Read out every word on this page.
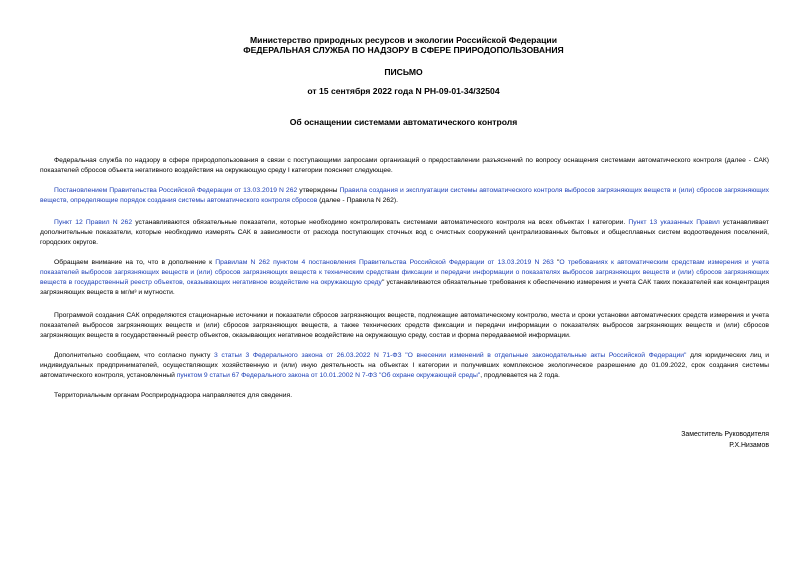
Министерство природных ресурсов и экологии Российской Федерации
ФЕДЕРАЛЬНАЯ СЛУЖБА ПО НАДЗОРУ В СФЕРЕ ПРИРОДОПОЛЬЗОВАНИЯ
ПИСЬМО
от 15 сентября 2022 года N РН-09-01-34/32504
Об оснащении системами автоматического контроля

Федеральная служба по надзору в сфере природопользования в связи с поступающими запросами организаций о предоставлении разъяснений по вопросу оснащения системами автоматического контроля (далее - САК) показателей сбросов объекта негативного воздействия на окружающую среду I категории поясняет следующее.

Постановлением Правительства Российской Федерации от 13.03.2019 N 262 утверждены Правила создания и эксплуатации системы автоматического контроля выбросов загрязняющих веществ и (или) сбросов загрязняющих веществ, определяющие порядок создания системы автоматического контроля сбросов (далее - Правила N 262).

Пункт 12 Правил N 262 устанавливаются обязательные показатели, которые необходимо контролировать системами автоматического контроля на всех объектах I категории. Пункт 13 указанных Правил устанавливает дополнительные показатели, которые необходимо измерять САК в зависимости от расхода поступающих сточных вод с очистных сооружений централизованных бытовых и общесплавных систем водоотведения поселений, городских округов.

Обращаем внимание на то, что в дополнение к Правилам N 262 пунктом 4 постановления Правительства Российской Федерации от 13.03.2019 N 263 "О требованиях к автоматическим средствам измерения и учета показателей выбросов загрязняющих веществ и (или) сбросов загрязняющих веществ к техническим средствам фиксации и передачи информации о показателях выбросов загрязняющих веществ и (или) сбросов загрязняющих веществ в государственный реестр объектов, оказывающих негативное воздействие на окружающую среду" устанавливаются обязательные требования к обеспечению измерения и учета САК таких показателей как концентрация загрязняющих веществ в мг/м³ и мутности.

Программой создания САК определяются стационарные источники и показатели сбросов загрязняющих веществ, подлежащие автоматическому контролю, места и сроки установки автоматических средств измерения и учета показателей выбросов загрязняющих веществ и (или) сбросов загрязняющих веществ, а также технических средств фиксации и передачи информации о показателях выбросов загрязняющих веществ и (или) сбросов загрязняющих веществ в государственный реестр объектов, оказывающих негативное воздействие на окружающую среду, состав и форма передаваемой информации.

Дополнительно сообщаем, что согласно пункту 3 статьи 3 Федерального закона от 26.03.2022 N 71-ФЗ "О внесении изменений в отдельные законодательные акты Российской Федерации" для юридических лиц и индивидуальных предпринимателей, осуществляющих хозяйственную и (или) иную деятельность на объектах I категории и получивших комплексное экологическое разрешение до 01.09.2022, срок создания системы автоматического контроля, установленный пунктом 9 статьи 67 Федерального закона от 10.01.2002 N 7-ФЗ "Об охране окружающей среды", продлевается на 2 года.

Территориальным органам Росприроднадзора направляется для сведения.

Заместитель Руководителя
Р.Х.Низамов
